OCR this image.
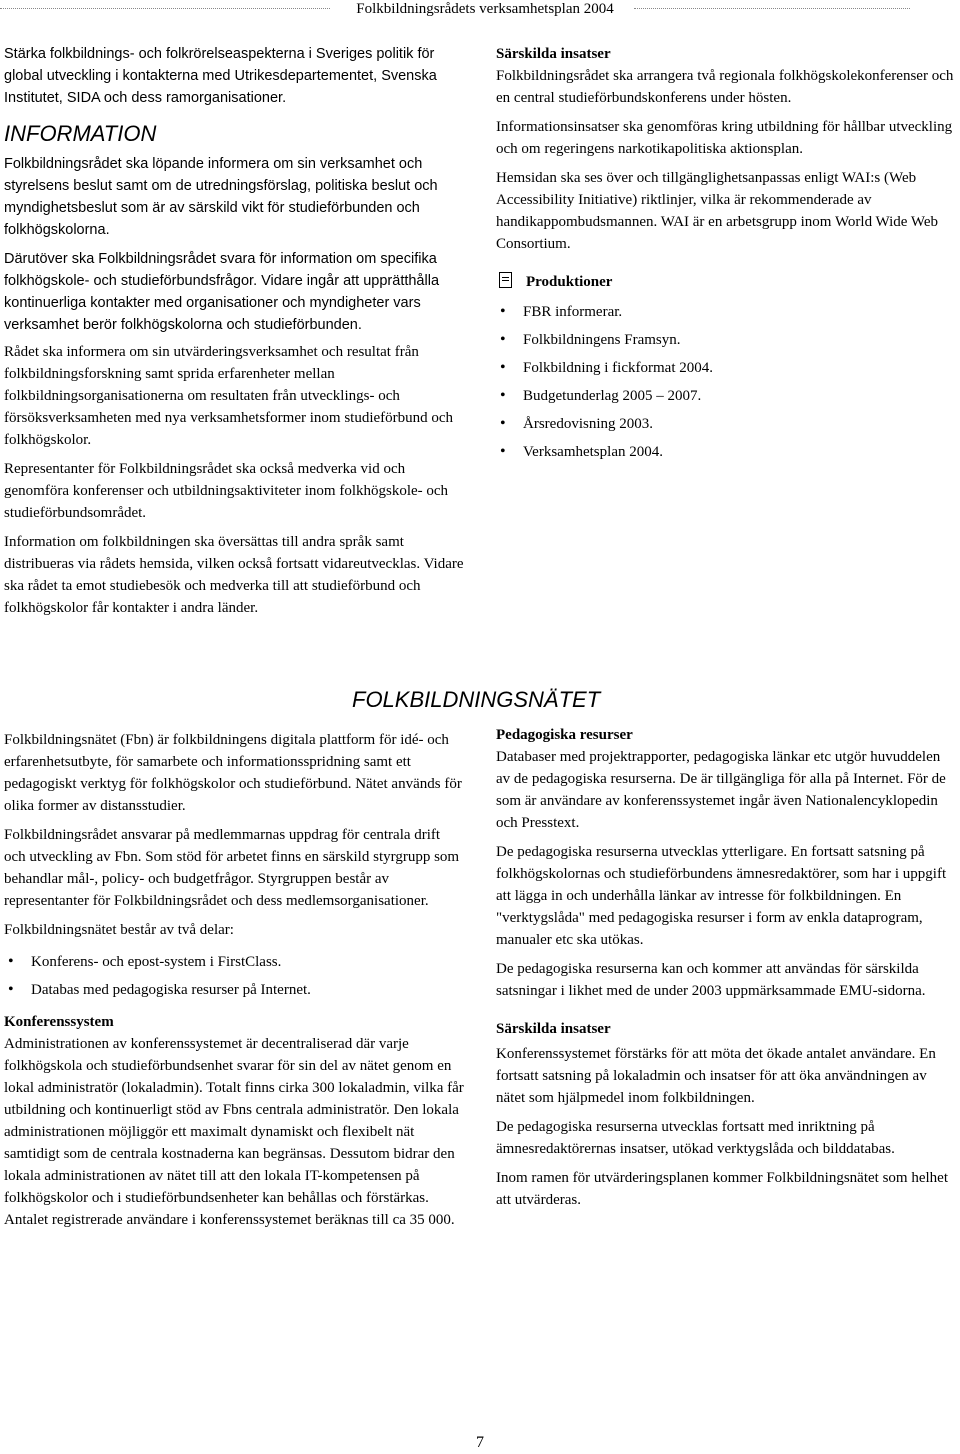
Folkbildningsrådets verksamhetsplan 2004

Stärka folkbildnings- och folkrörelseaspekterna i Sveriges politik för global utveckling i kontakterna med Utrikesdepartementet, Svenska Institutet, SIDA och dess ramorganisationer.

INFORMATION

Folkbildningsrådet ska löpande informera om sin verksamhet och styrelsens beslut samt om de utredningsförslag, politiska beslut och myndighetsbeslut som är av särskild vikt för studieförbunden och folkhögskolorna.

Därutöver ska Folkbildningsrådet svara för information om specifika folkhögskole- och studieförbundsfrågor. Vidare ingår att upprätthålla kontinuerliga kontakter med organisationer och myndigheter vars verksamhet berör folkhögskolorna och studieförbunden.

Rådet ska informera om sin utvärderingsverksamhet och resultat från folkbildningsforskning samt sprida erfarenheter mellan folkbildningsorganisationerna om resultaten från utvecklings- och försöksverksamheten med nya verksamhetsformer inom studieförbund och folkhögskolor.

Representanter för Folkbildningsrådet ska också medverka vid och genomföra konferenser och utbildningsaktiviteter inom folkhögskole- och studieförbundsområdet.

Information om folkbildningen ska översättas till andra språk samt distribueras via rådets hemsida, vilken också fortsatt vidareutvecklas. Vidare ska rådet ta emot studiebesök och medverka till att studieförbund och folkhögskolor får kontakter i andra länder.

Särskilda insatser

Folkbildningsrådet ska arrangera två regionala folkhögskolekonferenser och en central studieförbundskonferens under hösten.

Informationsinsatser ska genomföras kring utbildning för hållbar utveckling och om regeringens narkotikapolitiska aktionsplan.

Hemsidan ska ses över och tillgänglighetsanpassas enligt WAI:s (Web Accessibility Initiative) riktlinjer, vilka är rekommenderade av handikappombudsmannen. WAI är en arbetsgrupp inom World Wide Web Consortium.

Produktioner
• FBR informerar.
• Folkbildningens Framsyn.
• Folkbildning i fickformat 2004.
• Budgetunderlag 2005 – 2007.
• Årsredovisning 2003.
• Verksamhetsplan 2004.
FOLKBILDNINGSNÄTET

Folkbildningsnätet (Fbn) är folkbildningens digitala plattform för idé- och erfarenhetsutbyte, för samarbete och informationsspridning samt ett pedagogiskt verktyg för folkhögskolor och studieförbund. Nätet används för olika former av distansstudier.

Folkbildningsrådet ansvarar på medlemmarnas uppdrag för centrala drift och utveckling av Fbn. Som stöd för arbetet finns en särskild styrgrupp som behandlar mål-, policy- och budgetfrågor. Styrgruppen består av representanter för Folkbildningsrådet och dess medlemsorganisationer.

Folkbildningsnätet består av två delar:

• Konferens- och epost-system i FirstClass.
• Databas med pedagogiska resurser på Internet.

Konferenssystem

Administrationen av konferenssystemet är decentraliserad där varje folkhögskola och studieförbundsenhet svarar för sin del av nätet genom en lokal administratör (lokaladmin). Totalt finns cirka 300 lokaladmin, vilka får utbildning och kontinuerligt stöd av Fbns centrala administratör. Den lokala administrationen möjliggör ett maximalt dynamiskt och flexibelt nät samtidigt som de centrala kostnaderna kan begränsas. Dessutom bidrar den lokala administrationen av nätet till att den lokala IT-kompetensen på folkhögskolor och i studieförbundsenheter kan behållas och förstärkas. Antalet registrerade användare i konferenssystemet beräknas till ca 35 000.

Pedagogiska resurser

Databaser med projektrapporter, pedagogiska länkar etc utgör huvuddelen av de pedagogiska resurserna. De är tillgängliga för alla på Internet. För de som är användare av konferenssystemet ingår även Nationalencyklopedin och Presstext.

De pedagogiska resurserna utvecklas ytterligare. En fortsatt satsning på folkhögskolornas och studieförbundens ämnesredaktörer, som har i uppgift att lägga in och underhålla länkar av intresse för folkbildningen. En "verktygslåda" med pedagogiska resurser i form av enkla dataprogram, manualer etc ska utökas.

De pedagogiska resurserna kan och kommer att användas för särskilda satsningar i likhet med de under 2003 uppmärksammade EMU-sidorna.

Särskilda insatser

Konferenssystemet förstärks för att möta det ökade antalet användare. En fortsatt satsning på lokaladmin och insatser för att öka användningen av nätet som hjälpmedel inom folkbildningen.

De pedagogiska resurserna utvecklas fortsatt med inriktning på ämnesredaktörernas insatser, utökad verktygslåda och bilddatabas.

Inom ramen för utvärderingsplanen kommer Folkbildningsnätet som helhet att utvärderas.

7
